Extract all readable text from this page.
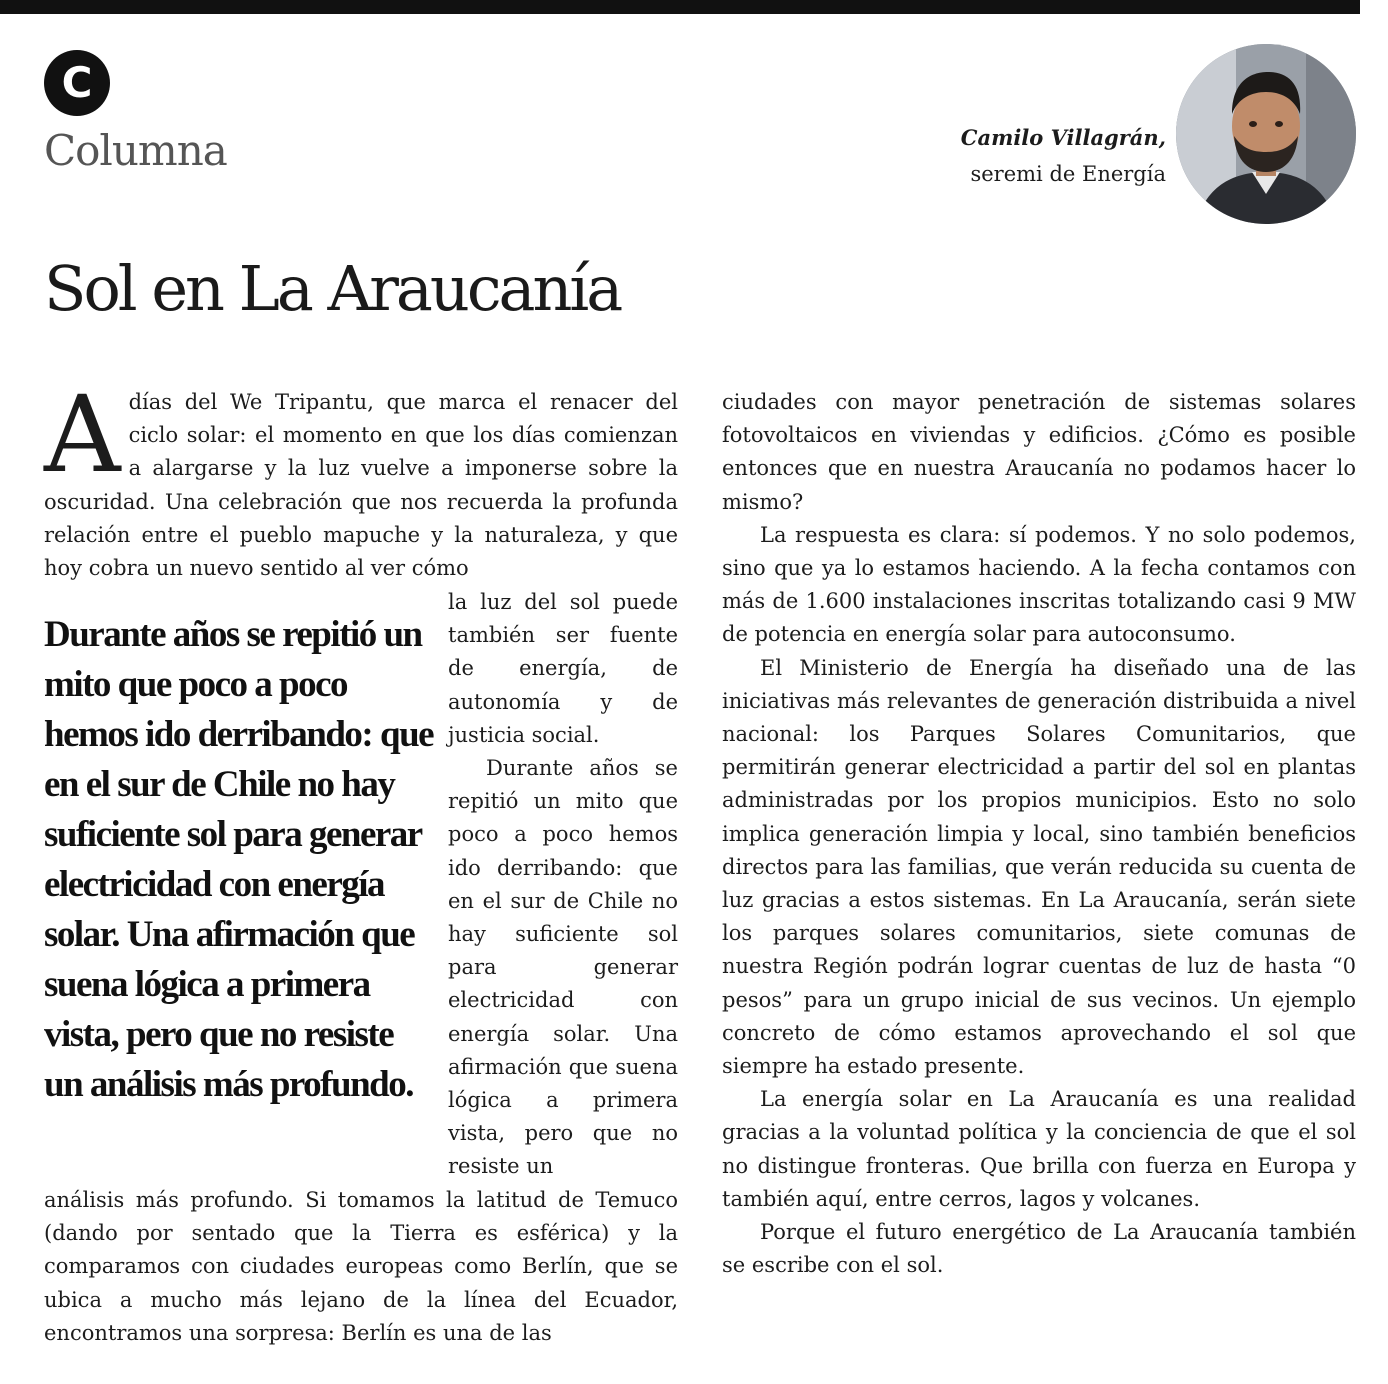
C
Columna	Camilo Villagrán,
seremi de Energía
Sol en La Araucanía
A días del We Tripantu, que marca el renacer del ciclo solar: el momento en que los días comienzan a alargarse y la luz vuelve a imponerse sobre la oscuridad. Una celebración que nos recuerda la profunda relación entre el pueblo mapuche y la naturaleza, y que hoy cobra un nuevo sentido al ver cómo
Durante años se repitió un mito que poco a poco hemos ido derribando: que en el sur de Chile no hay suficiente sol para generar electricidad con energía solar. Una afirmación que suena lógica a primera vista, pero que no resiste un análisis más profundo.

la luz del sol puede también ser fuente de energía, de autonomía y de justicia social.

Durante años se repitió un mito que poco a poco hemos ido derribando: que en el sur de Chile no hay suficiente sol para generar electricidad con energía solar. Una afirmación que suena lógica a primera vista, pero que no resiste un

análisis más profundo. Si tomamos la latitud de Temuco (dando por sentado que la Tierra es esférica) y la comparamos con ciudades europeas como Berlín, que se ubica a mucho más lejano de la línea del Ecuador, encontramos una sorpresa: Berlín es una de las

ciudades con mayor penetración de sistemas solares fotovoltaicos en viviendas y edificios. ¿Cómo es posible entonces que en nuestra Araucanía no podamos hacer lo mismo?

La respuesta es clara: sí podemos. Y no solo podemos, sino que ya lo estamos haciendo. A la fecha contamos con más de 1.600 instalaciones inscritas totalizando casi 9 MW de potencia en energía solar para autoconsumo.

El Ministerio de Energía ha diseñado una de las iniciativas más relevantes de generación distribuida a nivel nacional: los Parques Solares Comunitarios, que permitirán generar electricidad a partir del sol en plantas administradas por los propios municipios. Esto no solo implica generación limpia y local, sino también beneficios directos para las familias, que verán reducida su cuenta de luz gracias a estos sistemas. En La Araucanía, serán siete los parques solares comunitarios, siete comunas de nuestra Región podrán lograr cuentas de luz de hasta “0 pesos” para un grupo inicial de sus vecinos. Un ejemplo concreto de cómo estamos aprovechando el sol que siempre ha estado presente.

La energía solar en La Araucanía es una realidad gracias a la voluntad política y la conciencia de que el sol no distingue fronteras. Que brilla con fuerza en Europa y también aquí, entre cerros, lagos y volcanes.

Porque el futuro energético de La Araucanía también se escribe con el sol.
